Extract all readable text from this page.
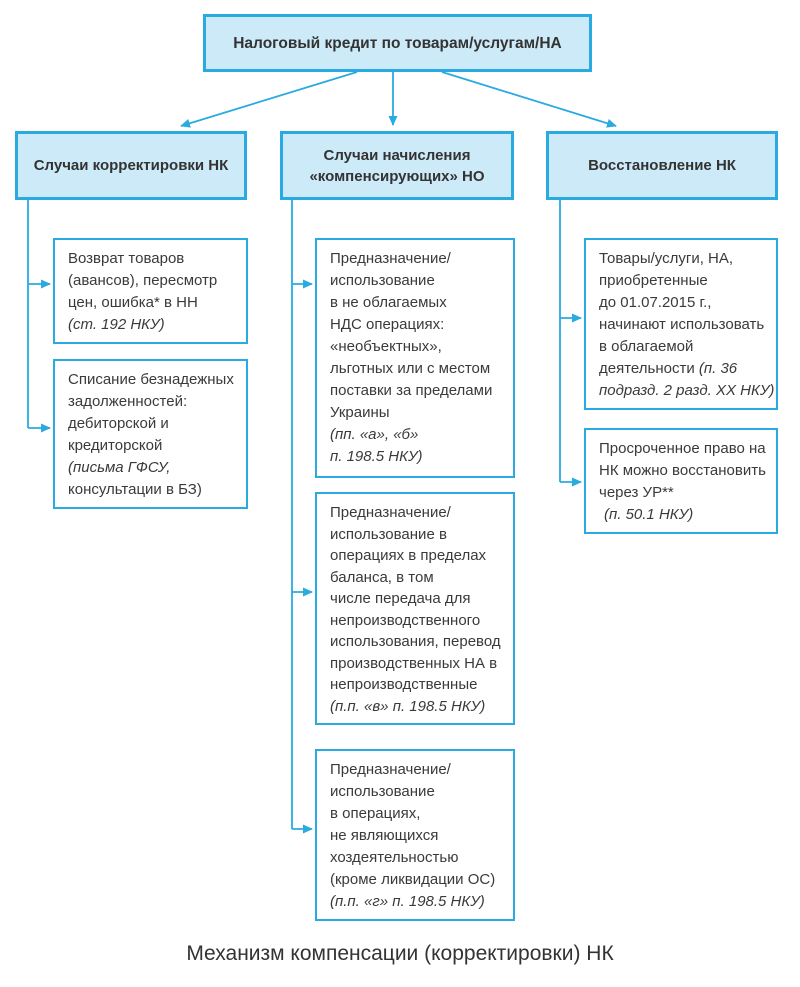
Налоговый кредит по товарам/услугам/НА
Случаи корректировки НК
Случаи начисления «компенсирующих» НО
Восстановление НК
Возврат товаров
(авансов), пересмотр
цен, ошибка* в НН
(ст. 192 НКУ)
Списание безнадежных
задолженностей:
дебиторской и
кредиторской
(письма ГФСУ,
консультации в БЗ)
Предназначение/
использование
в не облагаемых
НДС операциях:
«необъектных»,
льготных или с местом
поставки за пределами
Украины
(пп. «а», «б»
п. 198.5 НКУ)
Предназначение/
использование в
операциях в пределах
баланса, в том
числе передача для
непроизводственного
использования, перевод
производственных НА в
непроизводственные
(п.п. «в» п. 198.5 НКУ)
Предназначение/
использование
в операциях,
не являющихся
хоздеятельностью
(кроме ликвидации ОС)
(п.п. «г» п. 198.5 НКУ)
Товары/услуги, НА,
приобретенные
до 01.07.2015 г.,
начинают использовать
в облагаемой
деятельности (п. 36
подразд. 2 разд. XX НКУ)
Просроченное право на
НК можно восстановить
через УР**
(п. 50.1 НКУ)
Механизм компенсации (корректировки) НК
